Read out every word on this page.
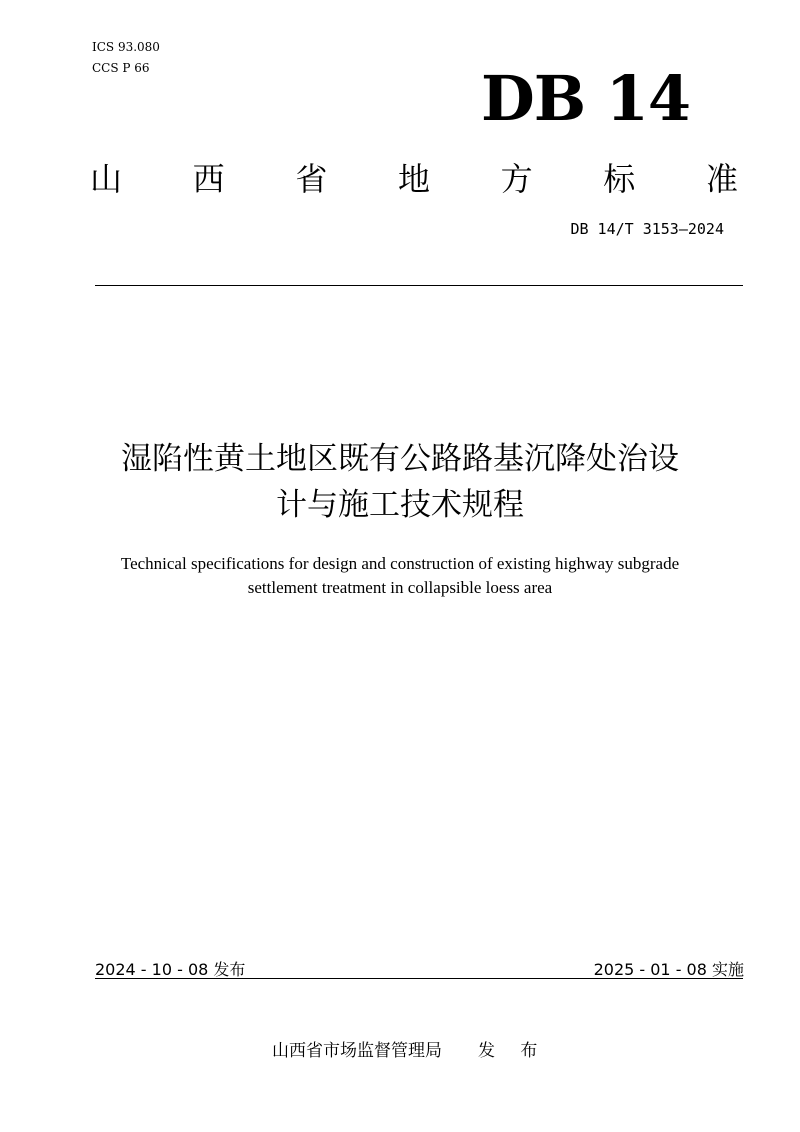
ICS 93.080
CCS P 66	DB 14
山 西 省 地 方 标 准
DB 14/T 3153—2024
湿陷性黄土地区既有公路路基沉降处治设
计与施工技术规程
Technical specifications for design and construction of existing highway subgrade
settlement treatment in collapsible loess area
2024 - 10 - 08 发布	2025 - 01 - 08 实施
山西省市场监督管理局 发 布
